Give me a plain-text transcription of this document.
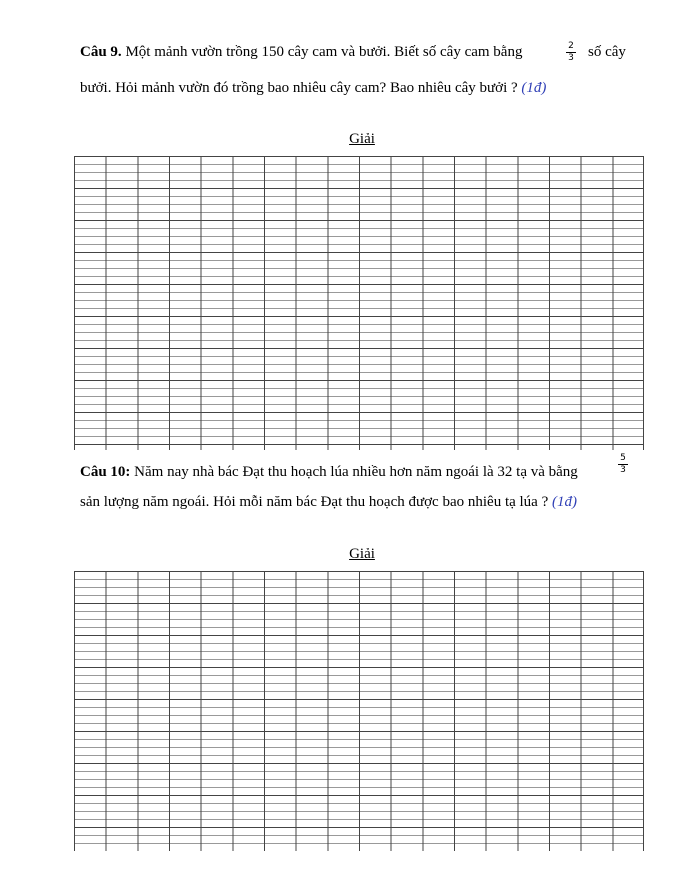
Câu 9. Một mảnh vườn trồng 150 cây cam và bưởi. Biết số cây cam bằng	2
3 số cây
bưởi. Hỏi mảnh vườn đó trồng bao nhiêu cây cam? Bao nhiêu cây bưởi ? (1đ)
Giải
Câu 10: Năm nay nhà bác Đạt thu hoạch lúa nhiều hơn năm ngoái là 32 tạ và bằng
5
3
sản lượng năm ngoái. Hỏi mỗi năm bác Đạt thu hoạch được bao nhiêu tạ lúa ? (1đ)
Giải
